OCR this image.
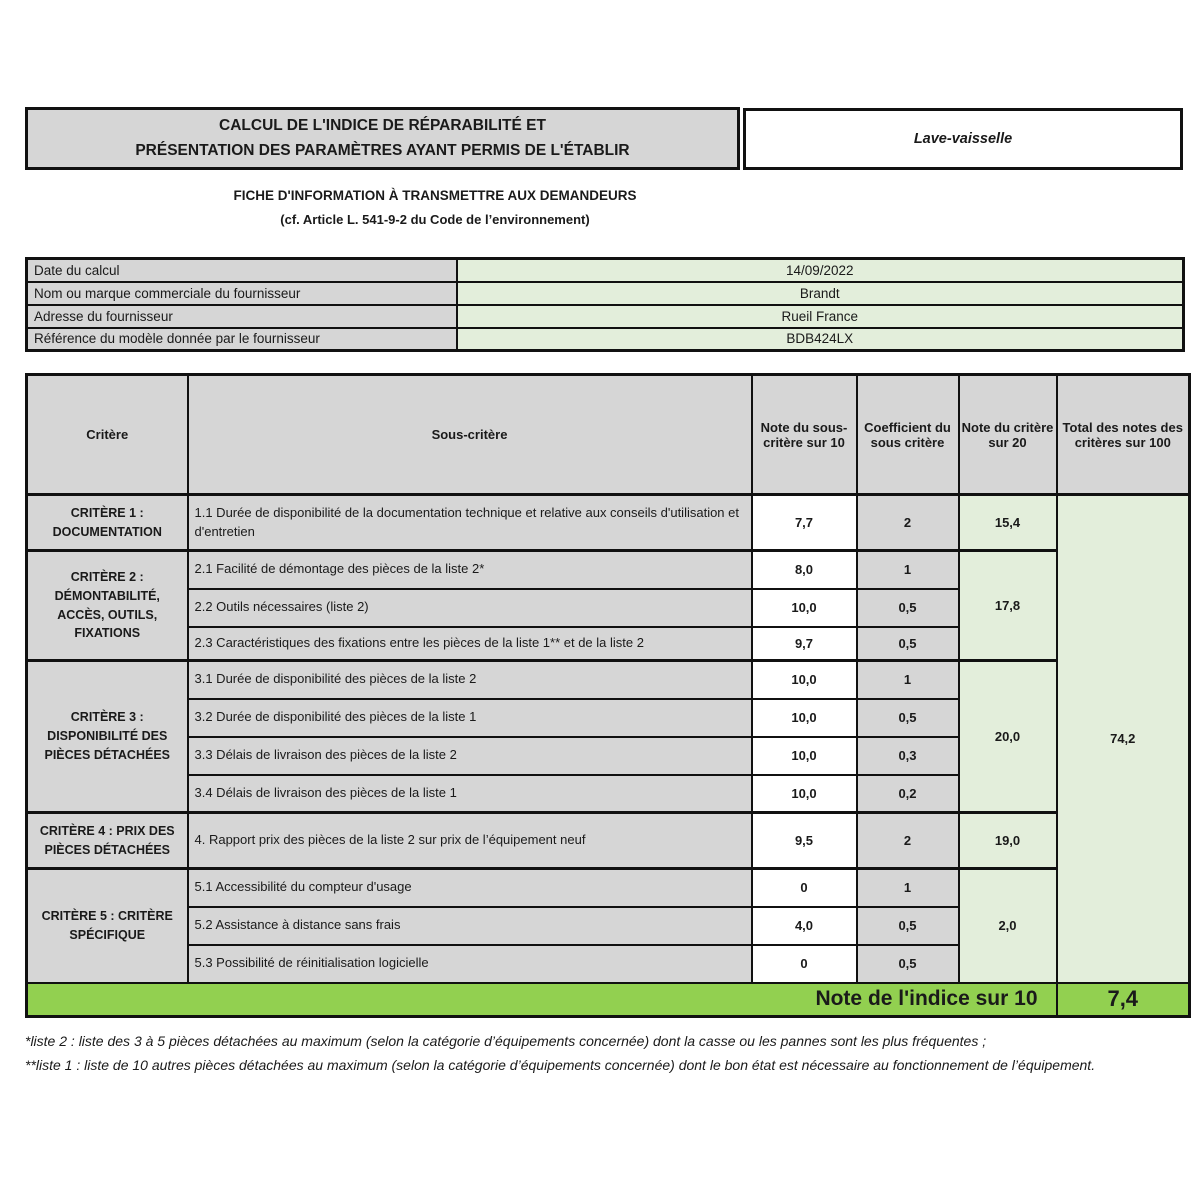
CALCUL DE L'INDICE DE RÉPARABILITÉ ET
PRÉSENTATION DES PARAMÈTRES AYANT PERMIS DE L'ÉTABLIR
Lave-vaisselle
FICHE D'INFORMATION À TRANSMETTRE AUX DEMANDEURS
(cf. Article L. 541-9-2 du Code de l’environnement)
Date du calcul	14/09/2022
Nom ou marque commerciale du fournisseur	Brandt
Adresse du fournisseur	Rueil France
Référence du modèle donnée par le fournisseur	BDB424LX
Critère	Sous-critère	Note du sous-critère sur 10	Coefficient du sous critère	Note du critère sur 20	Total des notes des critères sur 100
CRITÈRE 1 : DOCUMENTATION	1.1 Durée de disponibilité de la documentation technique et relative aux conseils d'utilisation et d'entretien	7,7	2	15,4	74,2
CRITÈRE 2 : DÉMONTABILITÉ, ACCÈS, OUTILS, FIXATIONS	2.1 Facilité de démontage des pièces de la liste 2*	8,0	1	17,8	
	2.2 Outils nécessaires (liste 2)	10,0	0,5		
	2.3 Caractéristiques des fixations entre les pièces de la liste 1** et de la liste 2	9,7	0,5		
CRITÈRE 3 : DISPONIBILITÉ DES PIÈCES DÉTACHÉES	3.1 Durée de disponibilité des pièces de la liste 2	10,0	1	20,0	
	3.2 Durée de disponibilité des pièces de la liste 1	10,0	0,5		
	3.3 Délais de livraison des pièces de la liste 2	10,0	0,3		
	3.4 Délais de livraison des pièces de la liste 1	10,0	0,2		
CRITÈRE 4 : PRIX DES PIÈCES DÉTACHÉES	4. Rapport prix des pièces de la liste 2 sur prix de l’équipement neuf	9,5	2	19,0	
CRITÈRE 5 : CRITÈRE SPÉCIFIQUE	5.1 Accessibilité du compteur d'usage	0	1	2,0	
	5.2 Assistance à distance sans frais	4,0	0,5		
	5.3 Possibilité de réinitialisation logicielle	0	0,5		
Note de l'indice sur 10					7,4

*liste 2 : liste des 3 à 5 pièces détachées au maximum (selon la catégorie d’équipements concernée) dont la casse ou les pannes sont les plus fréquentes ;

**liste 1 : liste de 10 autres pièces détachées au maximum (selon la catégorie d’équipements concernée) dont le bon état est nécessaire au fonctionnement de l’équipement.
